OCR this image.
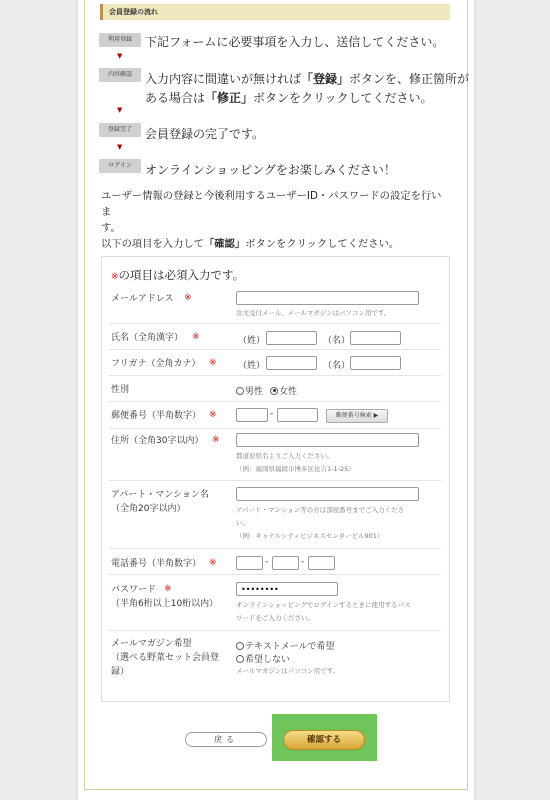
会員登録の流れ
利用登録	下記フォームに必要事項を入力し、送信してください。
▼
内容確認	入力内容に間違いが無ければ「登録」ボタンを、修正箇所が
ある場合は「修正」ボタンをクリックしてください。
▼
登録完了	会員登録の完了です。
▼
ログイン	オンラインショッピングをお楽しみください！
ユーザー情報の登録と今後利用するユーザーID・パスワードの設定を行いま
す。
以下の項目を入力して「確認」ボタンをクリックしてください。
※の項目は必須入力です。
メールアドレス ※
注文受付メール、メールマガジンはパソコン用です。
氏名（全角漢字） ※	（姓）	（名）
フリガナ（全角カナ） ※ （姓）	（名）
性別	男性 女性
郵便番号（半角数字） ※	-	郵便番号検索 ▶
住所（全角30字以内） ※
都道府県名よりご入力ください。
（例：福岡県福岡市博多区住吉1-1-25）
アパート・マンション名
（全角20字以内）	アパート・マンション等の方は部屋番号までご入力くださ
い。
（例：キャナルシティビジネスセンタービル901）
電話番号（半角数字） ※	-	-
パスワード ※
（半角6桁以上10桁以内）
••••••••	オンラインショッピングでログインするときに使用するパス
ワードをご入力ください。
メールマガジン希望
（選べる野菜セット会員登
録）
テキストメールで希望
希望しない
メールマガジンはパソコン用です。
戻る	確認する
